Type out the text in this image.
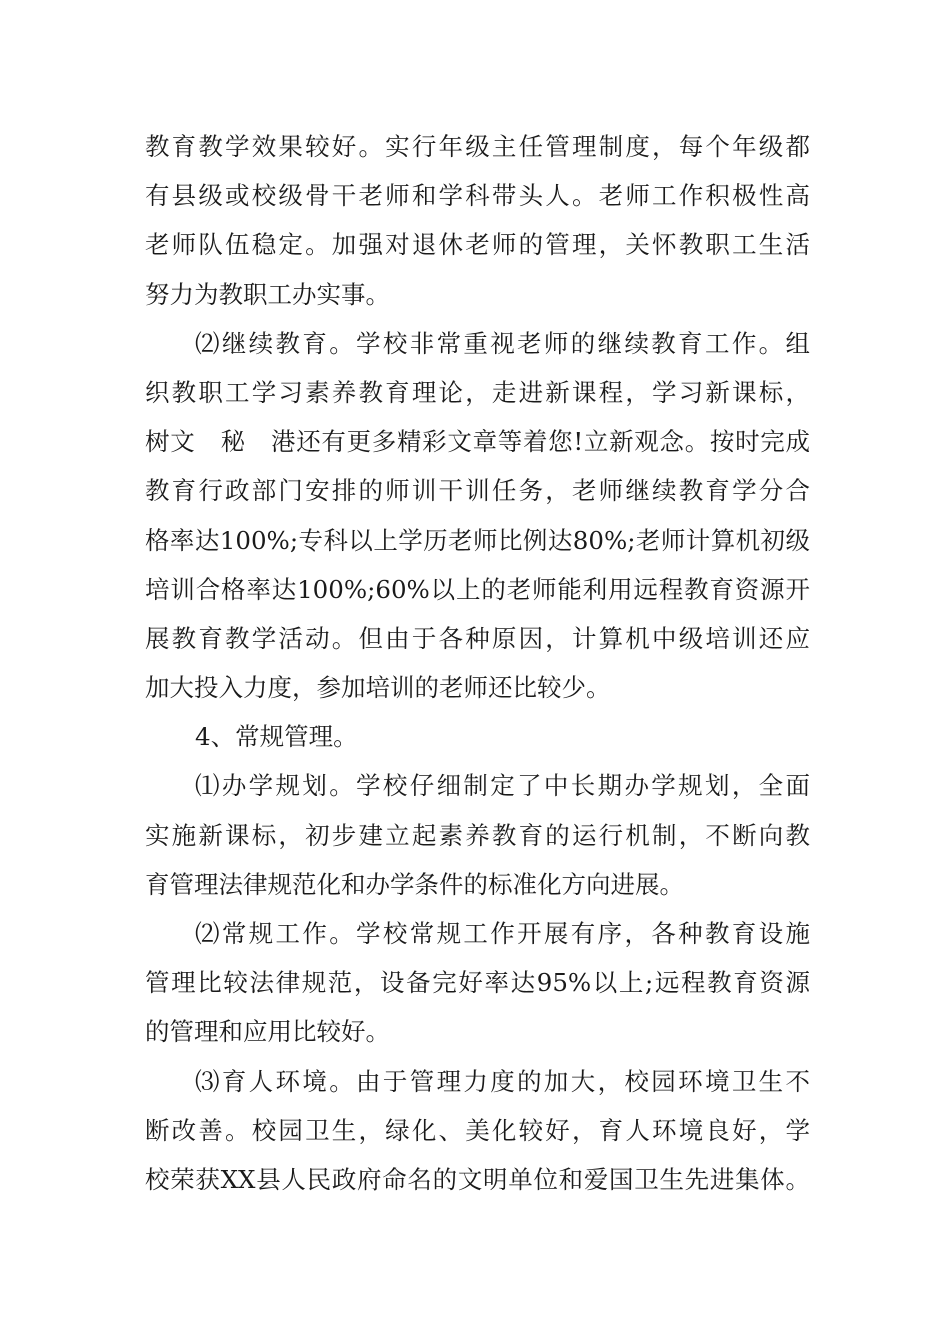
教育教学效果较好。实行年级主任管理制度，每个年级都
有县级或校级骨干老师和学科带头人。老师工作积极性高
老师队伍稳定。加强对退休老师的管理，关怀教职工生活
努力为教职工办实事。
⑵继续教育。学校非常重视老师的继续教育工作。组
织教职工学习素养教育理论，走进新课程，学习新课标，
树文　秘　港还有更多精彩文章等着您!立新观念。按时完成
教育行政部门安排的师训干训任务，老师继续教育学分合
格率达100%;专科以上学历老师比例达80%;老师计算机初级
培训合格率达100%;60%以上的老师能利用远程教育资源开
展教育教学活动。但由于各种原因，计算机中级培训还应
加大投入力度，参加培训的老师还比较少。
4、常规管理。
⑴办学规划。学校仔细制定了中长期办学规划，全面
实施新课标，初步建立起素养教育的运行机制，不断向教
育管理法律规范化和办学条件的标准化方向进展。
⑵常规工作。学校常规工作开展有序，各种教育设施
管理比较法律规范，设备完好率达95%以上;远程教育资源
的管理和应用比较好。
⑶育人环境。由于管理力度的加大，校园环境卫生不
断改善。校园卫生，绿化、美化较好，育人环境良好，学
校荣获XX县人民政府命名的文明单位和爱国卫生先进集体。
